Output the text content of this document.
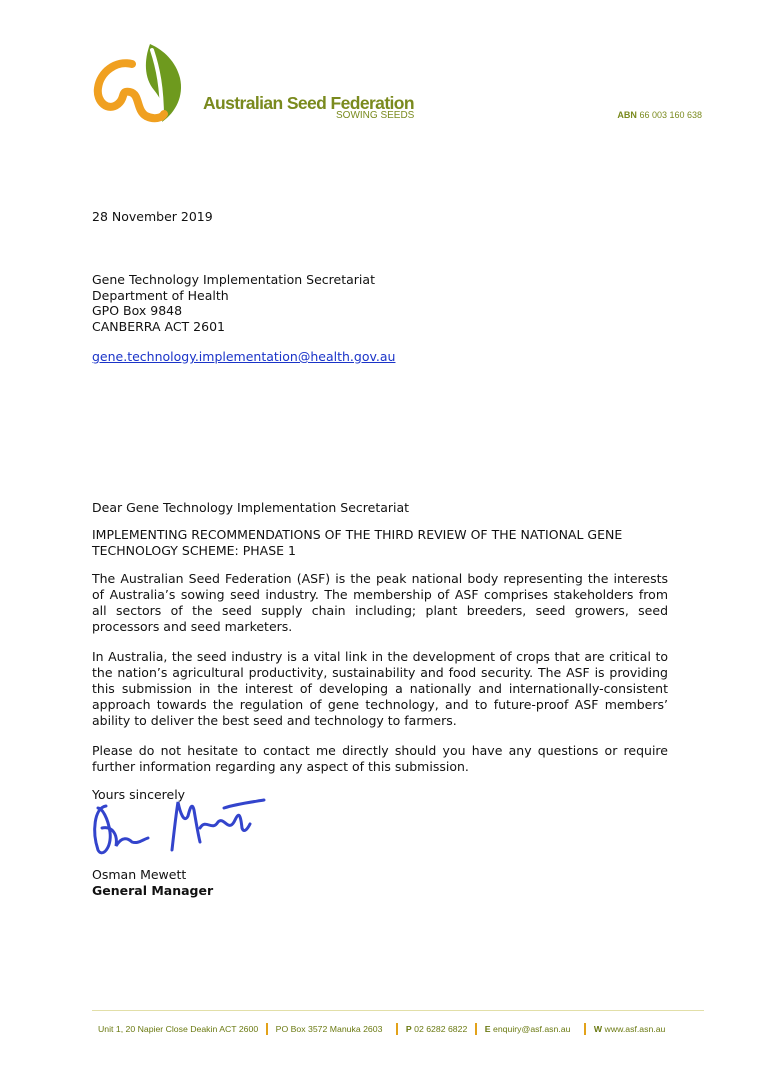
Australian Seed Federation
SOWING SEEDS	ABN 66 003 160 638
28 November 2019
Gene Technology Implementation Secretariat
Department of Health
GPO Box 9848
CANBERRA ACT 2601
gene.technology.implementation@health.gov.au
Dear Gene Technology Implementation Secretariat
IMPLEMENTING RECOMMENDATIONS OF THE THIRD REVIEW OF THE NATIONAL GENE TECHNOLOGY SCHEME: PHASE 1
The Australian Seed Federation (ASF) is the peak national body representing the interests of Australia’s sowing seed industry. The membership of ASF comprises stakeholders from all sectors of the seed supply chain including; plant breeders, seed growers, seed processors and seed marketers.
In Australia, the seed industry is a vital link in the development of crops that are critical to the nation’s agricultural productivity, sustainability and food security. The ASF is providing this submission in the interest of developing a nationally and internationally-consistent approach towards the regulation of gene technology, and to future-proof ASF members’ ability to deliver the best seed and technology to farmers.
Please do not hesitate to contact me directly should you have any questions or require further information regarding any aspect of this submission.
Yours sincerely
Osman Mewett
General Manager
Unit 1, 20 Napier Close Deakin ACT 2600 PO Box 3572 Manuka 2603	P
02 6282 6822 E
enquiry@asf.asn.au	W
www.asf.asn.au
